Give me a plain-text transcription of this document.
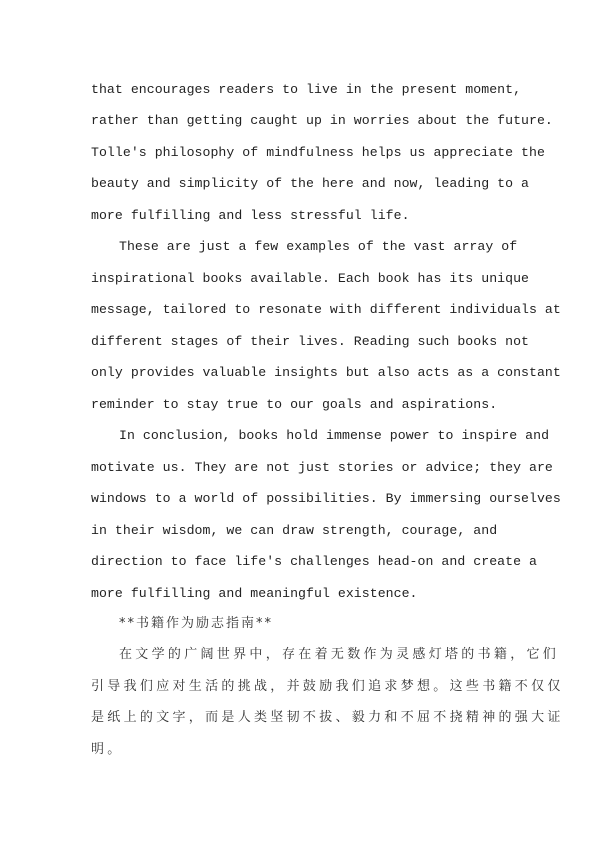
that encourages readers to live in the present moment,
rather than getting caught up in worries about the future.
Tolle's philosophy of mindfulness helps us appreciate the
beauty and simplicity of the here and now, leading to a
more fulfilling and less stressful life.
These are just a few examples of the vast array of
inspirational books available. Each book has its unique
message, tailored to resonate with different individuals at
different stages of their lives. Reading such books not
only provides valuable insights but also acts as a constant
reminder to stay true to our goals and aspirations.
In conclusion, books hold immense power to inspire and
motivate us. They are not just stories or advice; they are
windows to a world of possibilities. By immersing ourselves
in their wisdom, we can draw strength, courage, and
direction to face life's challenges head-on and create a
more fulfilling and meaningful existence.
**书籍作为励志指南**
在文学的广阔世界中，存在着无数作为灵感灯塔的书籍，它们
引导我们应对生活的挑战，并鼓励我们追求梦想。这些书籍不仅仅
是纸上的文字，而是人类坚韧不拔、毅力和不屈不挠精神的强大证
明。
